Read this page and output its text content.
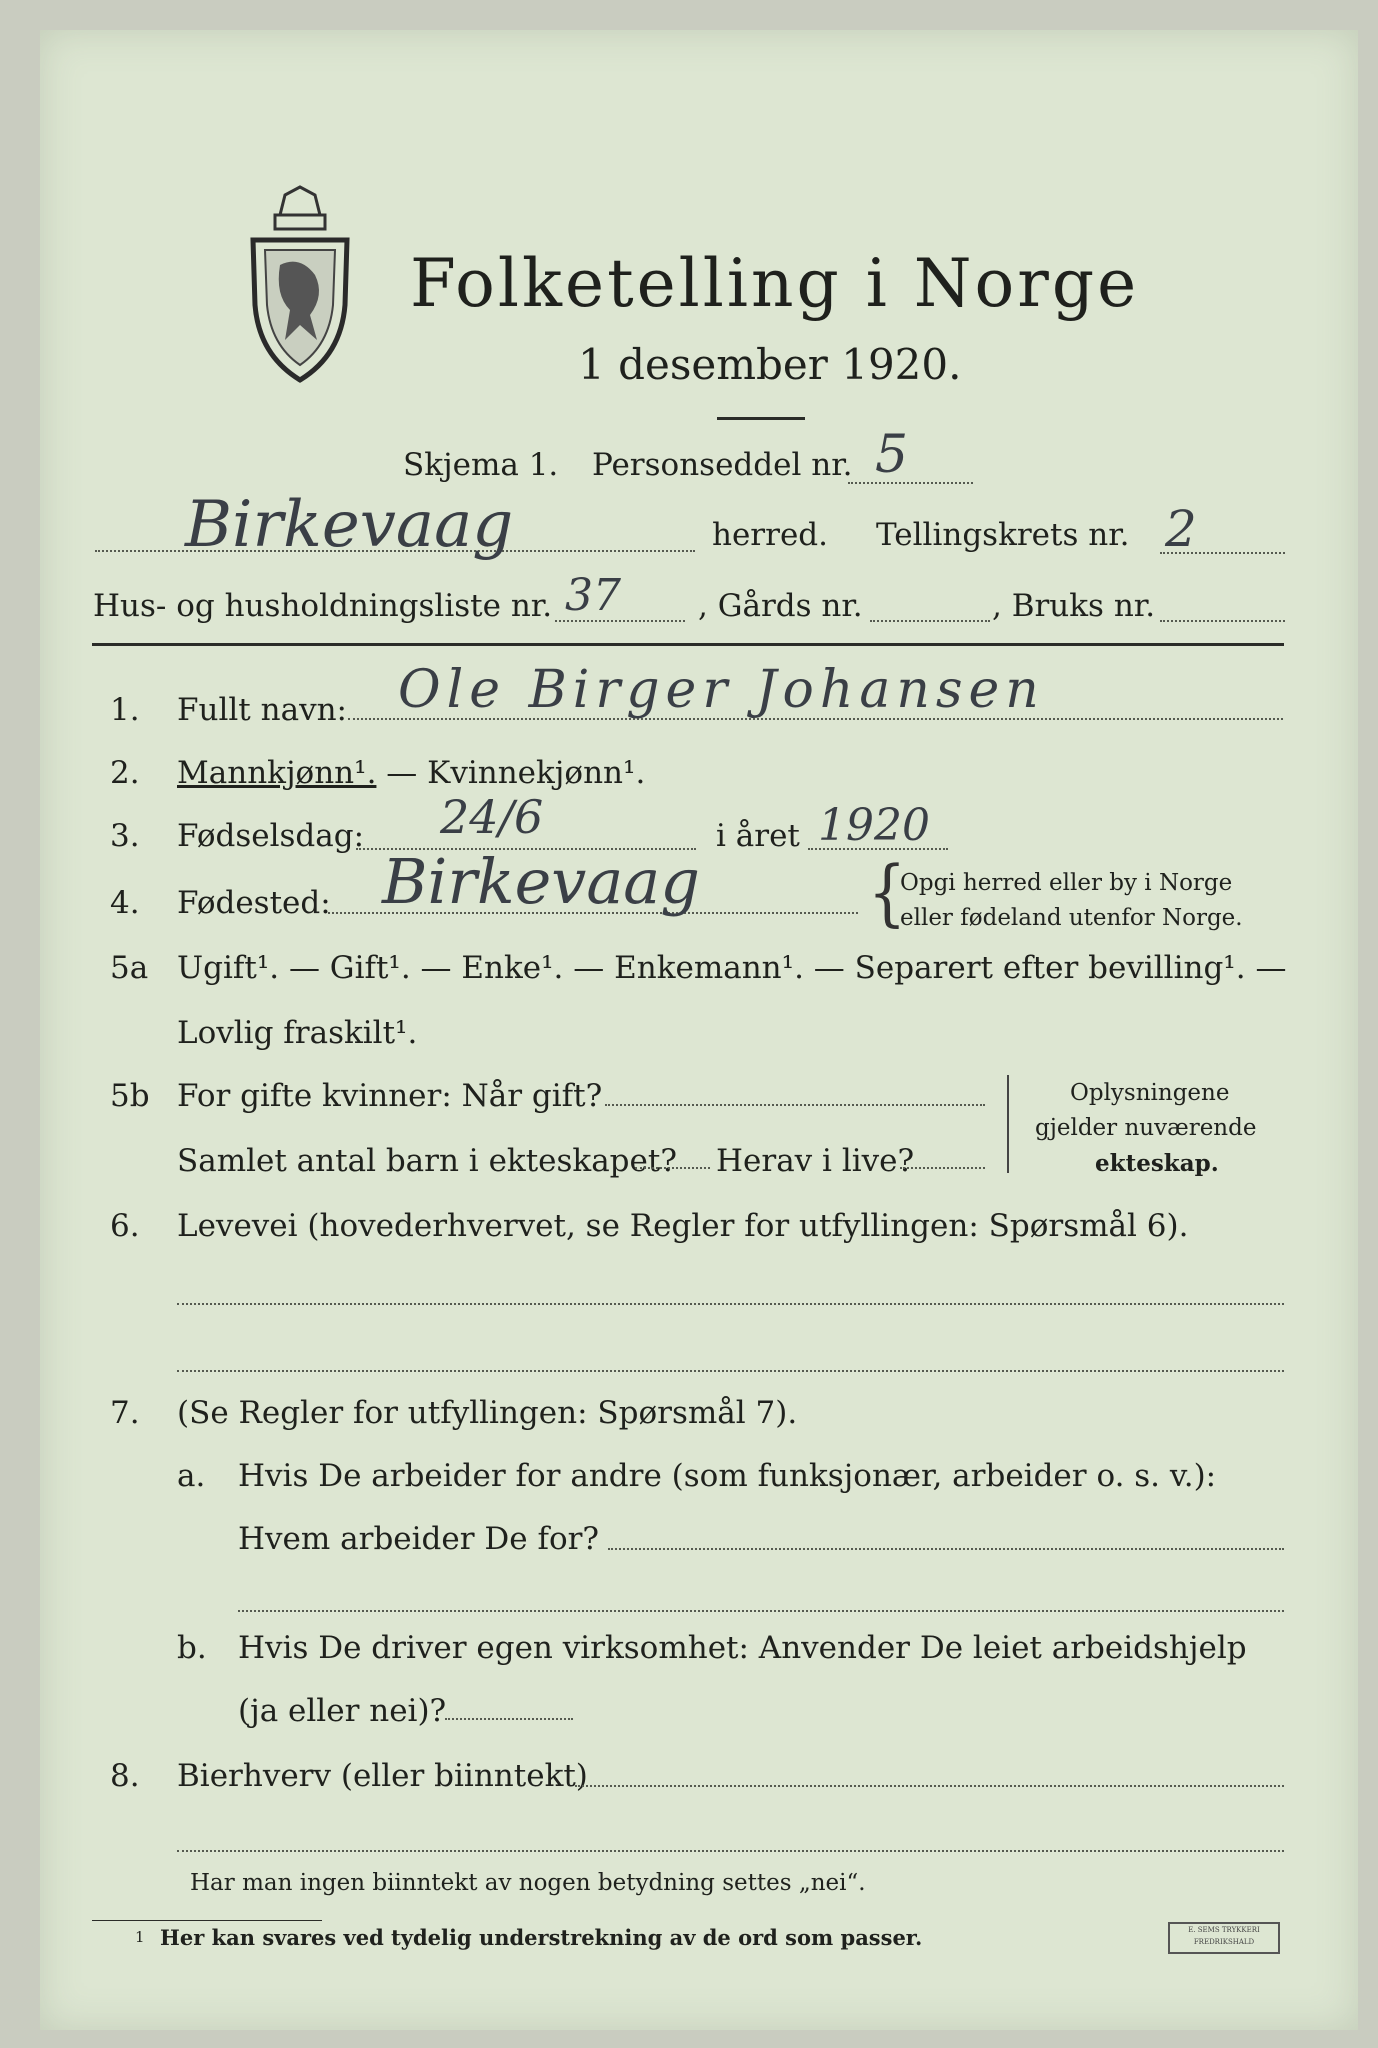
Folketelling i Norge
1 desember 1920.
Skjema 1. Personseddel nr. 5
Birkevaag	herred. Tellingskrets nr. 2
Hus- og husholdningsliste nr. 37 , Gårds nr.	, Bruks nr.
1. Fullt navn: Ole Birger Johansen
2. Mannkjønn¹. — Kvinnekjønn¹.
3. Fødselsdag: 24/6	i året 1920
4. Fødested: Birkevaag	{
Opgi herred eller by i Norge
eller fødeland utenfor Norge.
5a Ugift¹. — Gift¹. — Enke¹. — Enkemann¹. — Separert efter bevilling¹. —
Lovlig fraskilt¹.
5b For gifte kvinner: Når gift?
Samlet antal barn i ekteskapet? Herav i live?
Oplysningene
gjelder nuværende
ekteskap.
6. Levevei (hovederhvervet, se Regler for utfyllingen: Spørsmål 6).
7. (Se Regler for utfyllingen: Spørsmål 7).
a. Hvis De arbeider for andre (som funksjonær, arbeider o. s. v.):
Hvem arbeider De for?
b. Hvis De driver egen virksomhet: Anvender De leiet arbeidshjelp
(ja eller nei)?
8. Bierhverv (eller biinntekt)
Har man ingen biinntekt av nogen betydning settes „nei“.
1 Her kan svares ved tydelig understrekning av de ord som passer.	E. SEMS TRYKKERI FREDRIKSHALD
